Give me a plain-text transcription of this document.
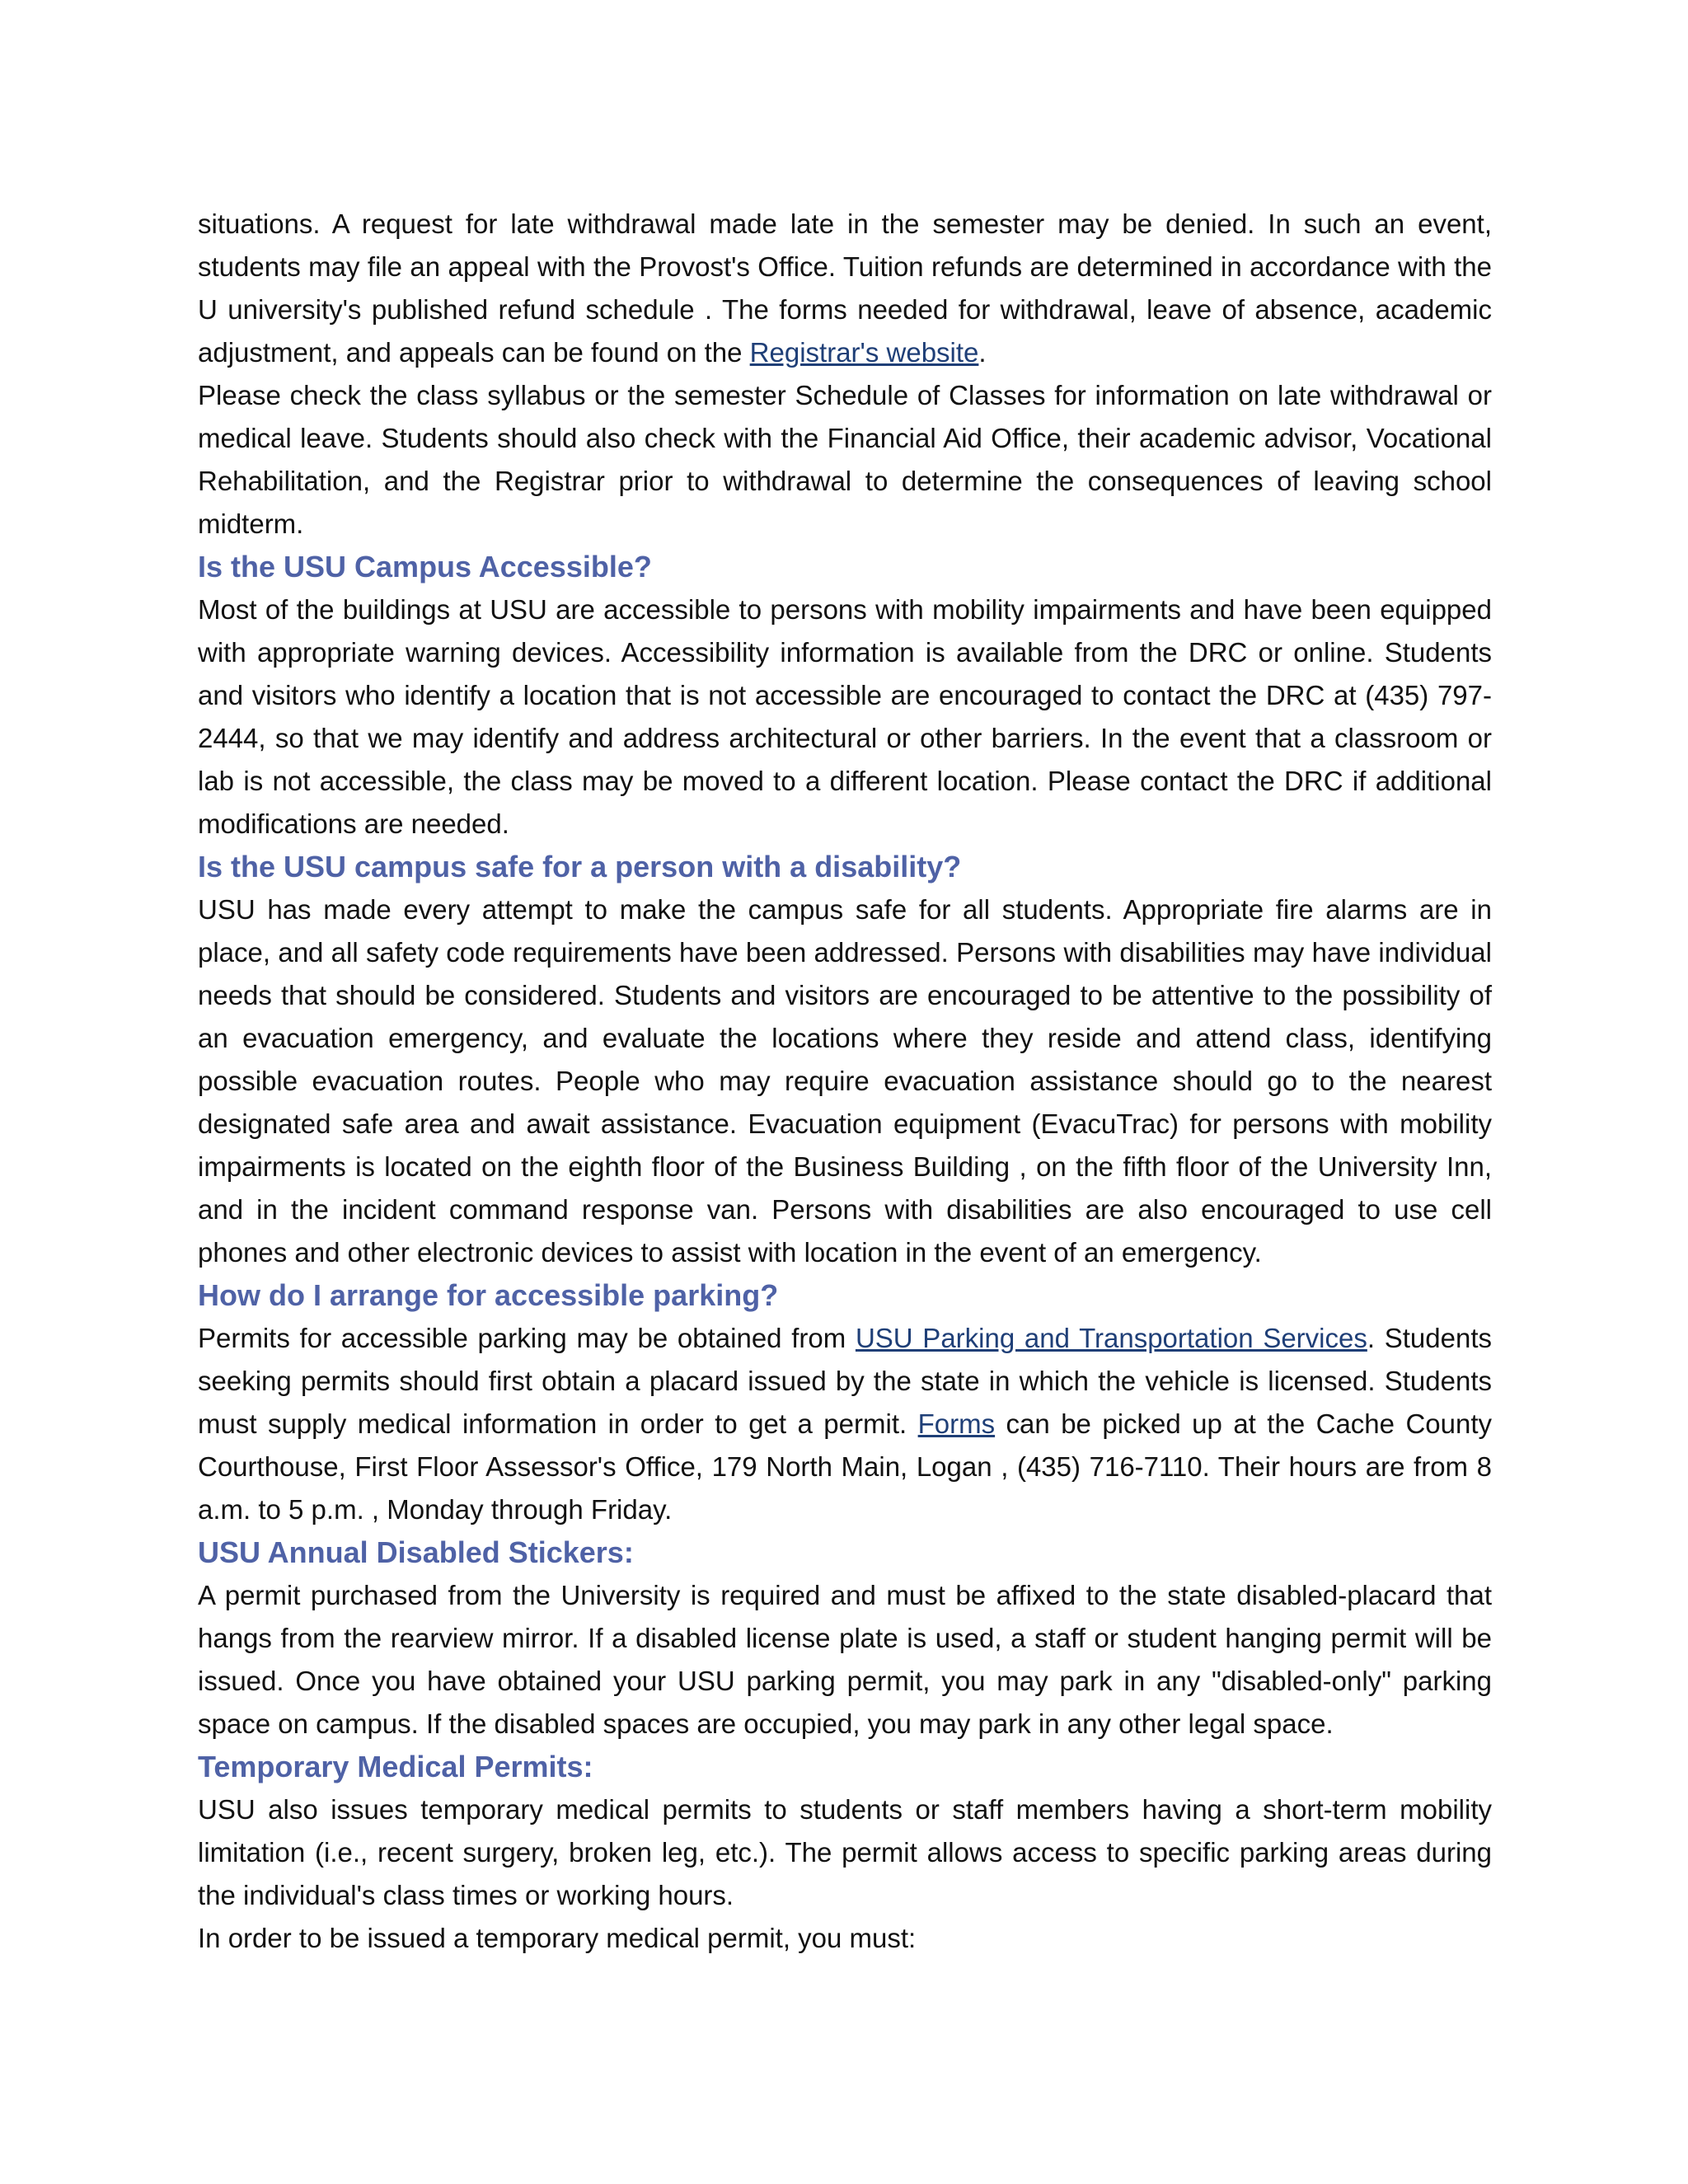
situations. A request for late withdrawal made late in the semester may be denied. In such an event, students may file an appeal with the Provost's Office. Tuition refunds are determined in accordance with the U university's published refund schedule . The forms needed for withdrawal, leave of absence, academic adjustment, and appeals can be found on the Registrar's website.

Please check the class syllabus or the semester Schedule of Classes for information on late withdrawal or medical leave. Students should also check with the Financial Aid Office, their academic advisor, Vocational Rehabilitation, and the Registrar prior to withdrawal to determine the consequences of leaving school midterm.

Is the USU Campus Accessible?

Most of the buildings at USU are accessible to persons with mobility impairments and have been equipped with appropriate warning devices. Accessibility information is available from the DRC or online. Students and visitors who identify a location that is not accessible are encouraged to contact the DRC at (435) 797-2444, so that we may identify and address architectural or other barriers. In the event that a classroom or lab is not accessible, the class may be moved to a different location. Please contact the DRC if additional modifications are needed.

Is the USU campus safe for a person with a disability?

USU has made every attempt to make the campus safe for all students. Appropriate fire alarms are in place, and all safety code requirements have been addressed. Persons with disabilities may have individual needs that should be considered. Students and visitors are encouraged to be attentive to the possibility of an evacuation emergency, and evaluate the locations where they reside and attend class, identifying possible evacuation routes. People who may require evacuation assistance should go to the nearest designated safe area and await assistance. Evacuation equipment (EvacuTrac) for persons with mobility impairments is located on the eighth floor of the Business Building , on the fifth floor of the University Inn, and in the incident command response van. Persons with disabilities are also encouraged to use cell phones and other electronic devices to assist with location in the event of an emergency.

How do I arrange for accessible parking?

Permits for accessible parking may be obtained from USU Parking and Transportation Services. Students seeking permits should first obtain a placard issued by the state in which the vehicle is licensed. Students must supply medical information in order to get a permit. Forms can be picked up at the Cache County Courthouse, First Floor Assessor's Office, 179 North Main, Logan , (435) 716-7110. Their hours are from 8 a.m. to 5 p.m. , Monday through Friday.

USU Annual Disabled Stickers:

A permit purchased from the University is required and must be affixed to the state disabled-placard that hangs from the rearview mirror. If a disabled license plate is used, a staff or student hanging permit will be issued. Once you have obtained your USU parking permit, you may park in any "disabled-only" parking space on campus. If the disabled spaces are occupied, you may park in any other legal space.

Temporary Medical Permits:

USU also issues temporary medical permits to students or staff members having a short-term mobility limitation (i.e., recent surgery, broken leg, etc.). The permit allows access to specific parking areas during the individual's class times or working hours.

In order to be issued a temporary medical permit, you must:
